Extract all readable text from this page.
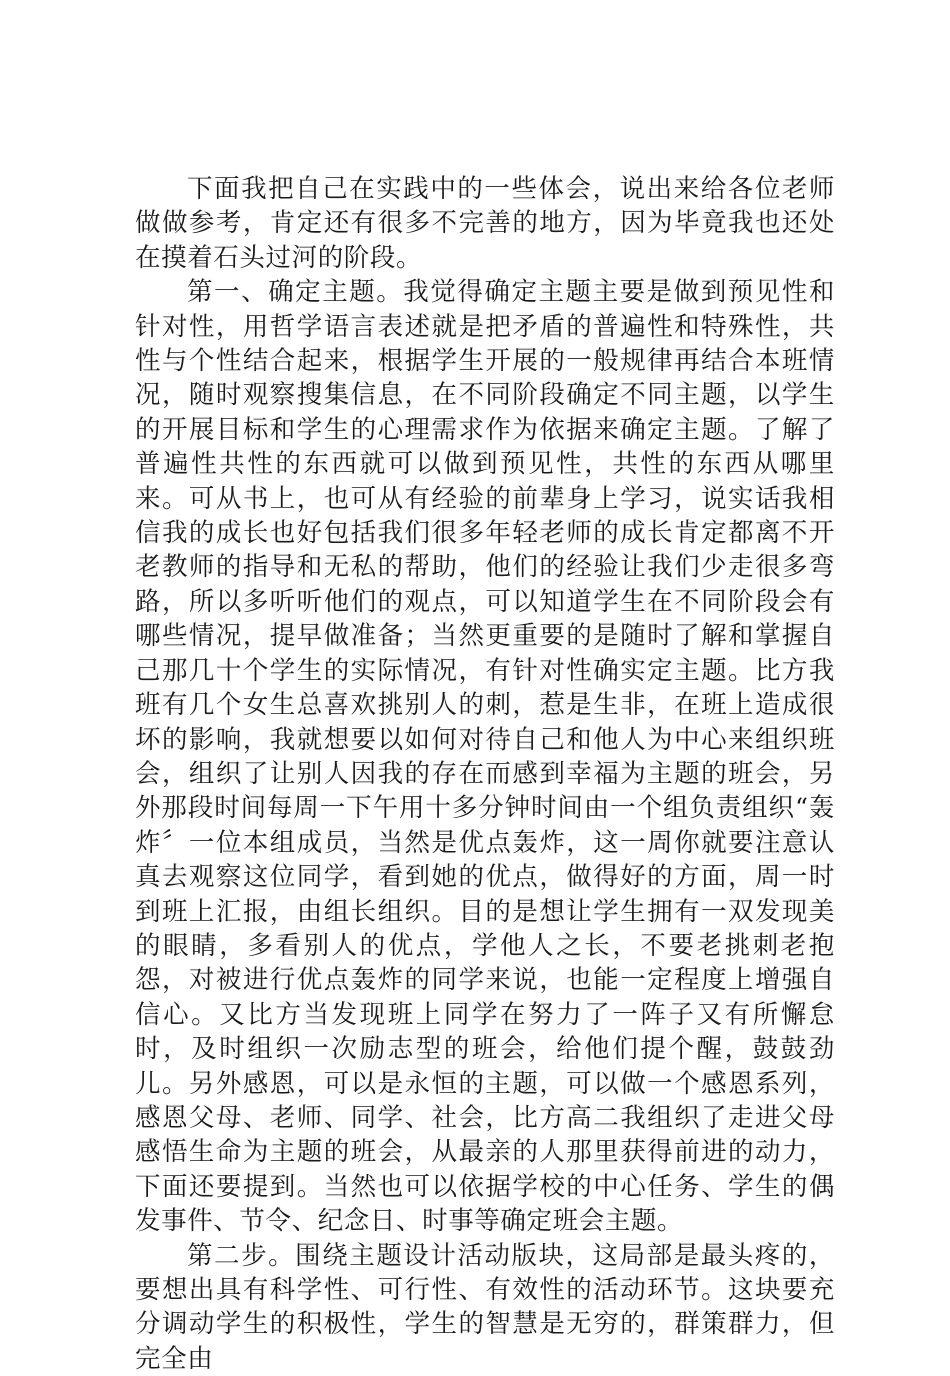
下面我把自己在实践中的一些体会，说出来给各位老师做做参考，肯定还有很多不完善的地方，因为毕竟我也还处在摸着石头过河的阶段。

第一、确定主题。我觉得确定主题主要是做到预见性和针对性，用哲学语言表述就是把矛盾的普遍性和特殊性，共性与个性结合起来，根据学生开展的一般规律再结合本班情况，随时观察搜集信息，在不同阶段确定不同主题，以学生的开展目标和学生的心理需求作为依据来确定主题。了解了普遍性共性的东西就可以做到预见性，共性的东西从哪里来。可从书上，也可从有经验的前辈身上学习，说实话我相信我的成长也好包括我们很多年轻老师的成长肯定都离不开老教师的指导和无私的帮助，他们的经验让我们少走很多弯路，所以多听听他们的观点，可以知道学生在不同阶段会有哪些情况，提早做准备；当然更重要的是随时了解和掌握自己那几十个学生的实际情况，有针对性确实定主题。比方我班有几个女生总喜欢挑别人的刺，惹是生非，在班上造成很坏的影响，我就想要以如何对待自己和他人为中心来组织班会，组织了让别人因我的存在而感到幸福为主题的班会，另外那段时间每周一下午用十多分钟时间由一个组负责组织“轰炸〞一位本组成员，当然是优点轰炸，这一周你就要注意认真去观察这位同学，看到她的优点，做得好的方面，周一时到班上汇报，由组长组织。目的是想让学生拥有一双发现美的眼睛，多看别人的优点，学他人之长，不要老挑刺老抱怨，对被进行优点轰炸的同学来说，也能一定程度上增强自信心。又比方当发现班上同学在努力了一阵子又有所懈怠时，及时组织一次励志型的班会，给他们提个醒，鼓鼓劲儿。另外感恩，可以是永恒的主题，可以做一个感恩系列，感恩父母、老师、同学、社会，比方高二我组织了走进父母感悟生命为主题的班会，从最亲的人那里获得前进的动力，下面还要提到。当然也可以依据学校的中心任务、学生的偶发事件、节令、纪念日、时事等确定班会主题。

第二步。围绕主题设计活动版块，这局部是最头疼的，要想出具有科学性、可行性、有效性的活动环节。这块要充分调动学生的积极性，学生的智慧是无穷的，群策群力，但完全由
